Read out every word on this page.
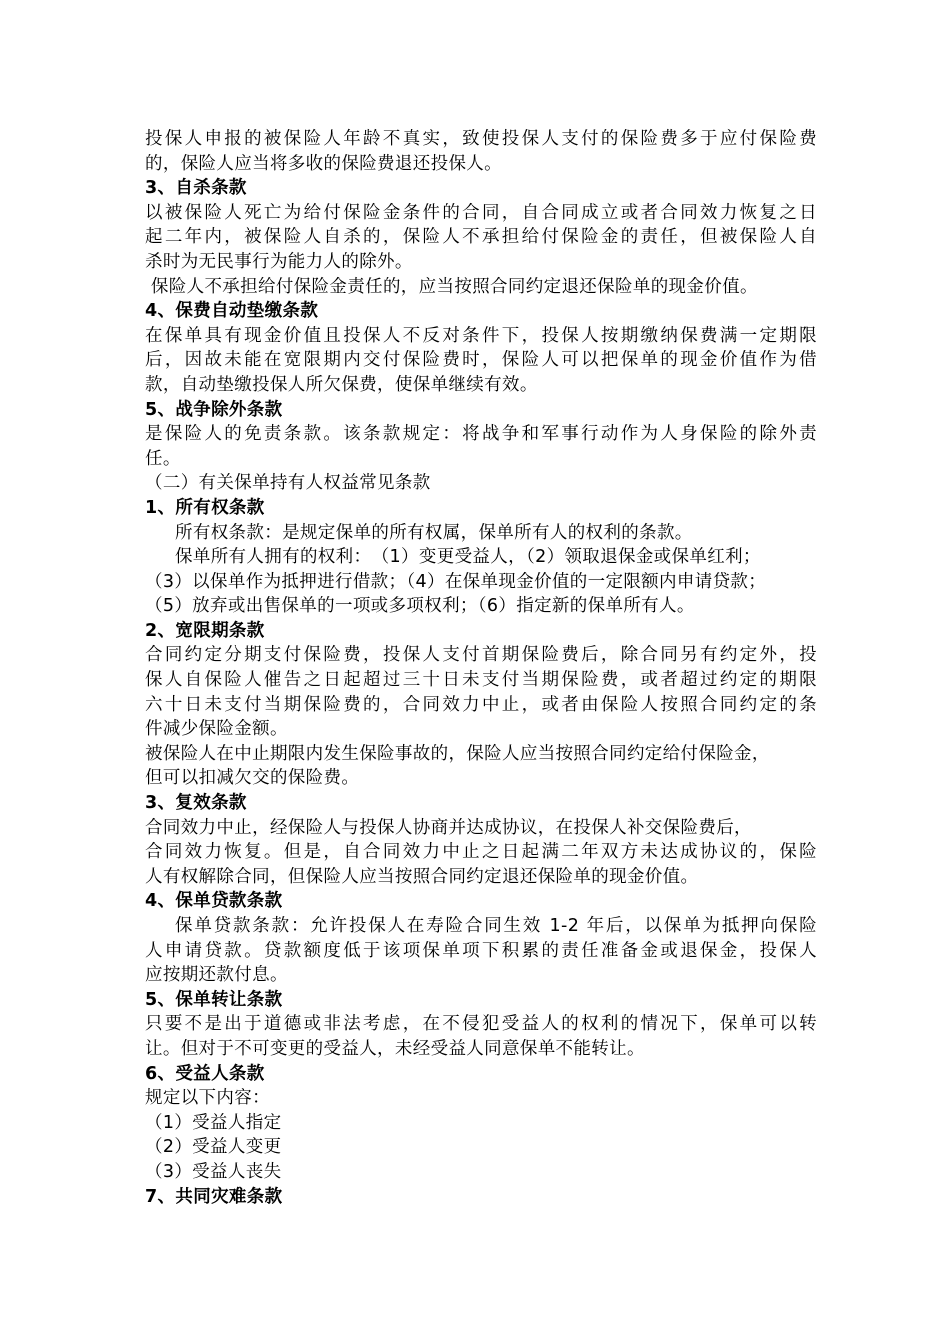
投保人申报的被保险人年龄不真实，致使投保人支付的保险费多于应付保险费
的，保险人应当将多收的保险费退还投保人。
3、自杀条款
以被保险人死亡为给付保险金条件的合同，自合同成立或者合同效力恢复之日
起二年内，被保险人自杀的，保险人不承担给付保险金的责任，但被保险人自
杀时为无民事行为能力人的除外。
保险人不承担给付保险金责任的，应当按照合同约定退还保险单的现金价值。
4、保费自动垫缴条款
在保单具有现金价值且投保人不反对条件下，投保人按期缴纳保费满一定期限
后，因故未能在宽限期内交付保险费时，保险人可以把保单的现金价值作为借
款，自动垫缴投保人所欠保费，使保单继续有效。
5、战争除外条款
是保险人的免责条款。该条款规定：将战争和军事行动作为人身保险的除外责
任。
（二）有关保单持有人权益常见条款
1、所有权条款
所有权条款：是规定保单的所有权属，保单所有人的权利的条款。
保单所有人拥有的权利：　（1）变更受益人，（2）领取退保金或保单红利；
（3）以保单作为抵押进行借款；（4）在保单现金价值的一定限额内申请贷款；
（5）放弃或出售保单的一项或多项权利；（6）指定新的保单所有人。
2、宽限期条款
合同约定分期支付保险费，投保人支付首期保险费后，除合同另有约定外，投
保人自保险人催告之日起超过三十日未支付当期保险费，或者超过约定的期限
六十日未支付当期保险费的，合同效力中止，或者由保险人按照合同约定的条
件减少保险金额。
被保险人在中止期限内发生保险事故的，保险人应当按照合同约定给付保险金，
但可以扣减欠交的保险费。
3、复效条款
合同效力中止，经保险人与投保人协商并达成协议，在投保人补交保险费后，
合同效力恢复。但是，自合同效力中止之日起满二年双方未达成协议的，保险
人有权解除合同，但保险人应当按照合同约定退还保险单的现金价值。
4、保单贷款条款
保单贷款条款：允许投保人在寿险合同生效 1-2 年后，以保单为抵押向保险
人申请贷款。贷款额度低于该项保单项下积累的责任准备金或退保金，投保人
应按期还款付息。
5、保单转让条款
只要不是出于道德或非法考虑，在不侵犯受益人的权利的情况下，保单可以转
让。但对于不可变更的受益人，未经受益人同意保单不能转让。
6、受益人条款
规定以下内容：
（1）受益人指定
（2）受益人变更
（3）受益人丧失
7、共同灾难条款
